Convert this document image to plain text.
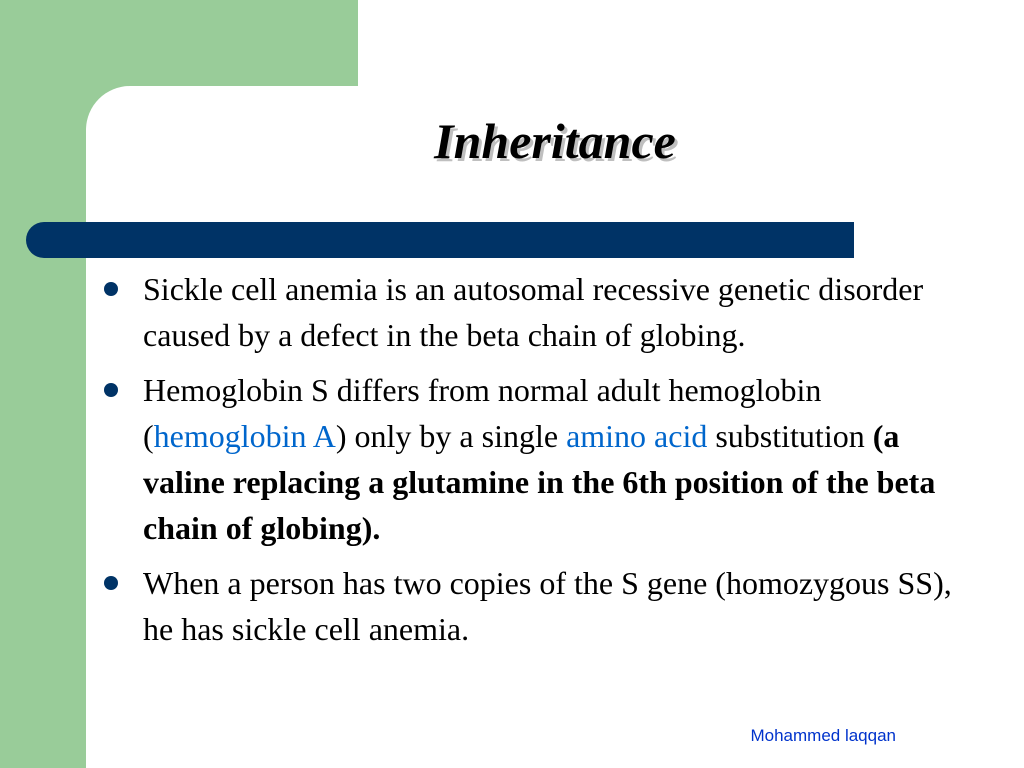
Inheritance
Sickle cell anemia is an autosomal recessive genetic disorder caused by a defect in the beta chain of globing.
Hemoglobin S differs from normal adult hemoglobin (hemoglobin A) only by a single amino acid substitution (a valine replacing a glutamine in the 6th position of the beta chain of globing).
When a person has two copies of the S gene (homozygous SS), he has sickle cell anemia.

Mohammed laqqan
